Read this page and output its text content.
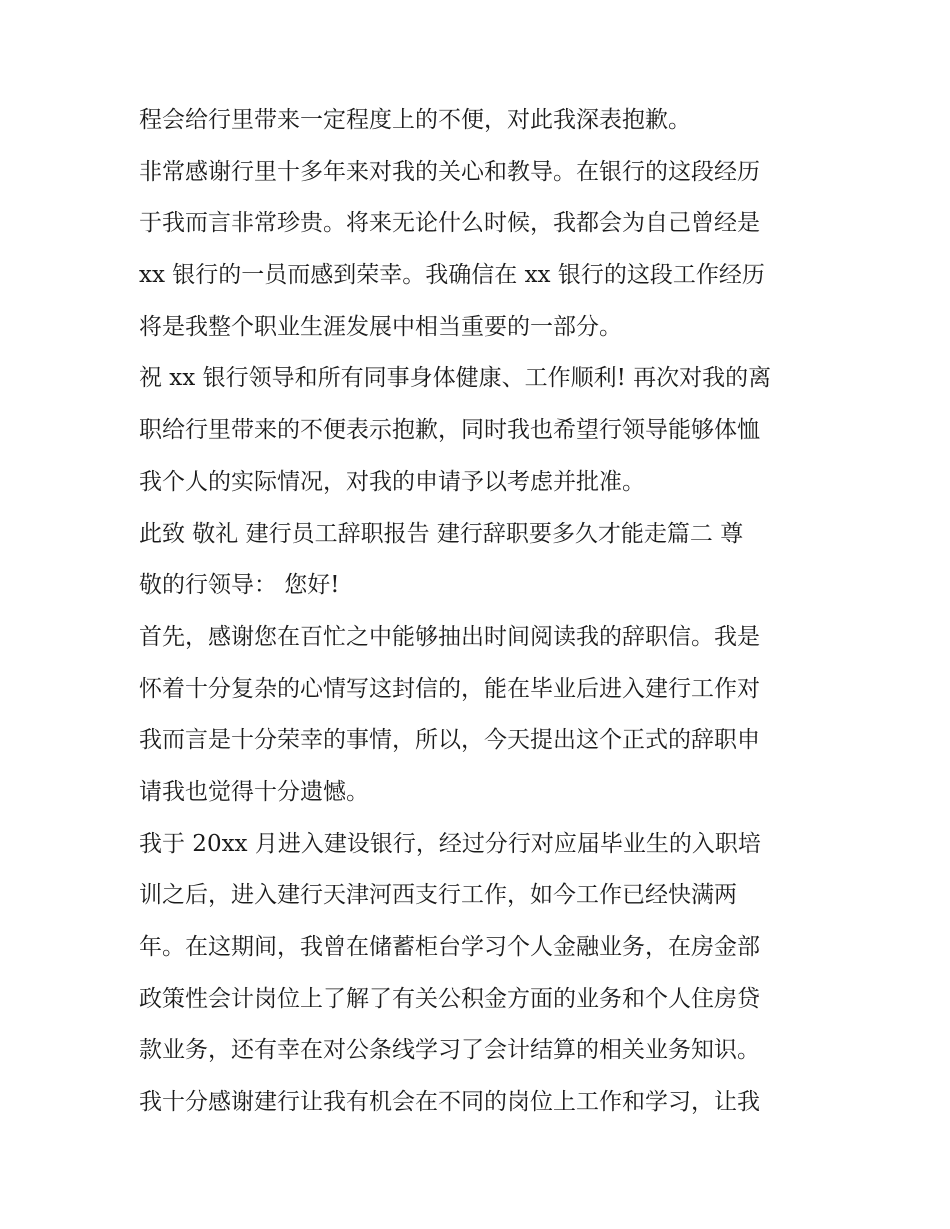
程会给行里带来一定程度上的不便，对此我深表抱歉。
非常感谢行里十多年来对我的关心和教导。在银行的这段经历
于我而言非常珍贵。将来无论什么时候，我都会为自己曾经是
xx 银行的一员而感到荣幸。我确信在 xx 银行的这段工作经历
将是我整个职业生涯发展中相当重要的一部分。
祝 xx 银行领导和所有同事身体健康、工作顺利! 再次对我的离
职给行里带来的不便表示抱歉，同时我也希望行领导能够体恤
我个人的实际情况，对我的申请予以考虑并批准。
此致 敬礼 建行员工辞职报告 建行辞职要多久才能走篇二 尊
敬的行领导： 您好!
首先，感谢您在百忙之中能够抽出时间阅读我的辞职信。我是
怀着十分复杂的心情写这封信的，能在毕业后进入建行工作对
我而言是十分荣幸的事情，所以，今天提出这个正式的辞职申
请我也觉得十分遗憾。
我于 20xx 月进入建设银行，经过分行对应届毕业生的入职培
训之后，进入建行天津河西支行工作，如今工作已经快满两
年。在这期间，我曾在储蓄柜台学习个人金融业务，在房金部
政策性会计岗位上了解了有关公积金方面的业务和个人住房贷
款业务，还有幸在对公条线学习了会计结算的相关业务知识。
我十分感谢建行让我有机会在不同的岗位上工作和学习，让我
